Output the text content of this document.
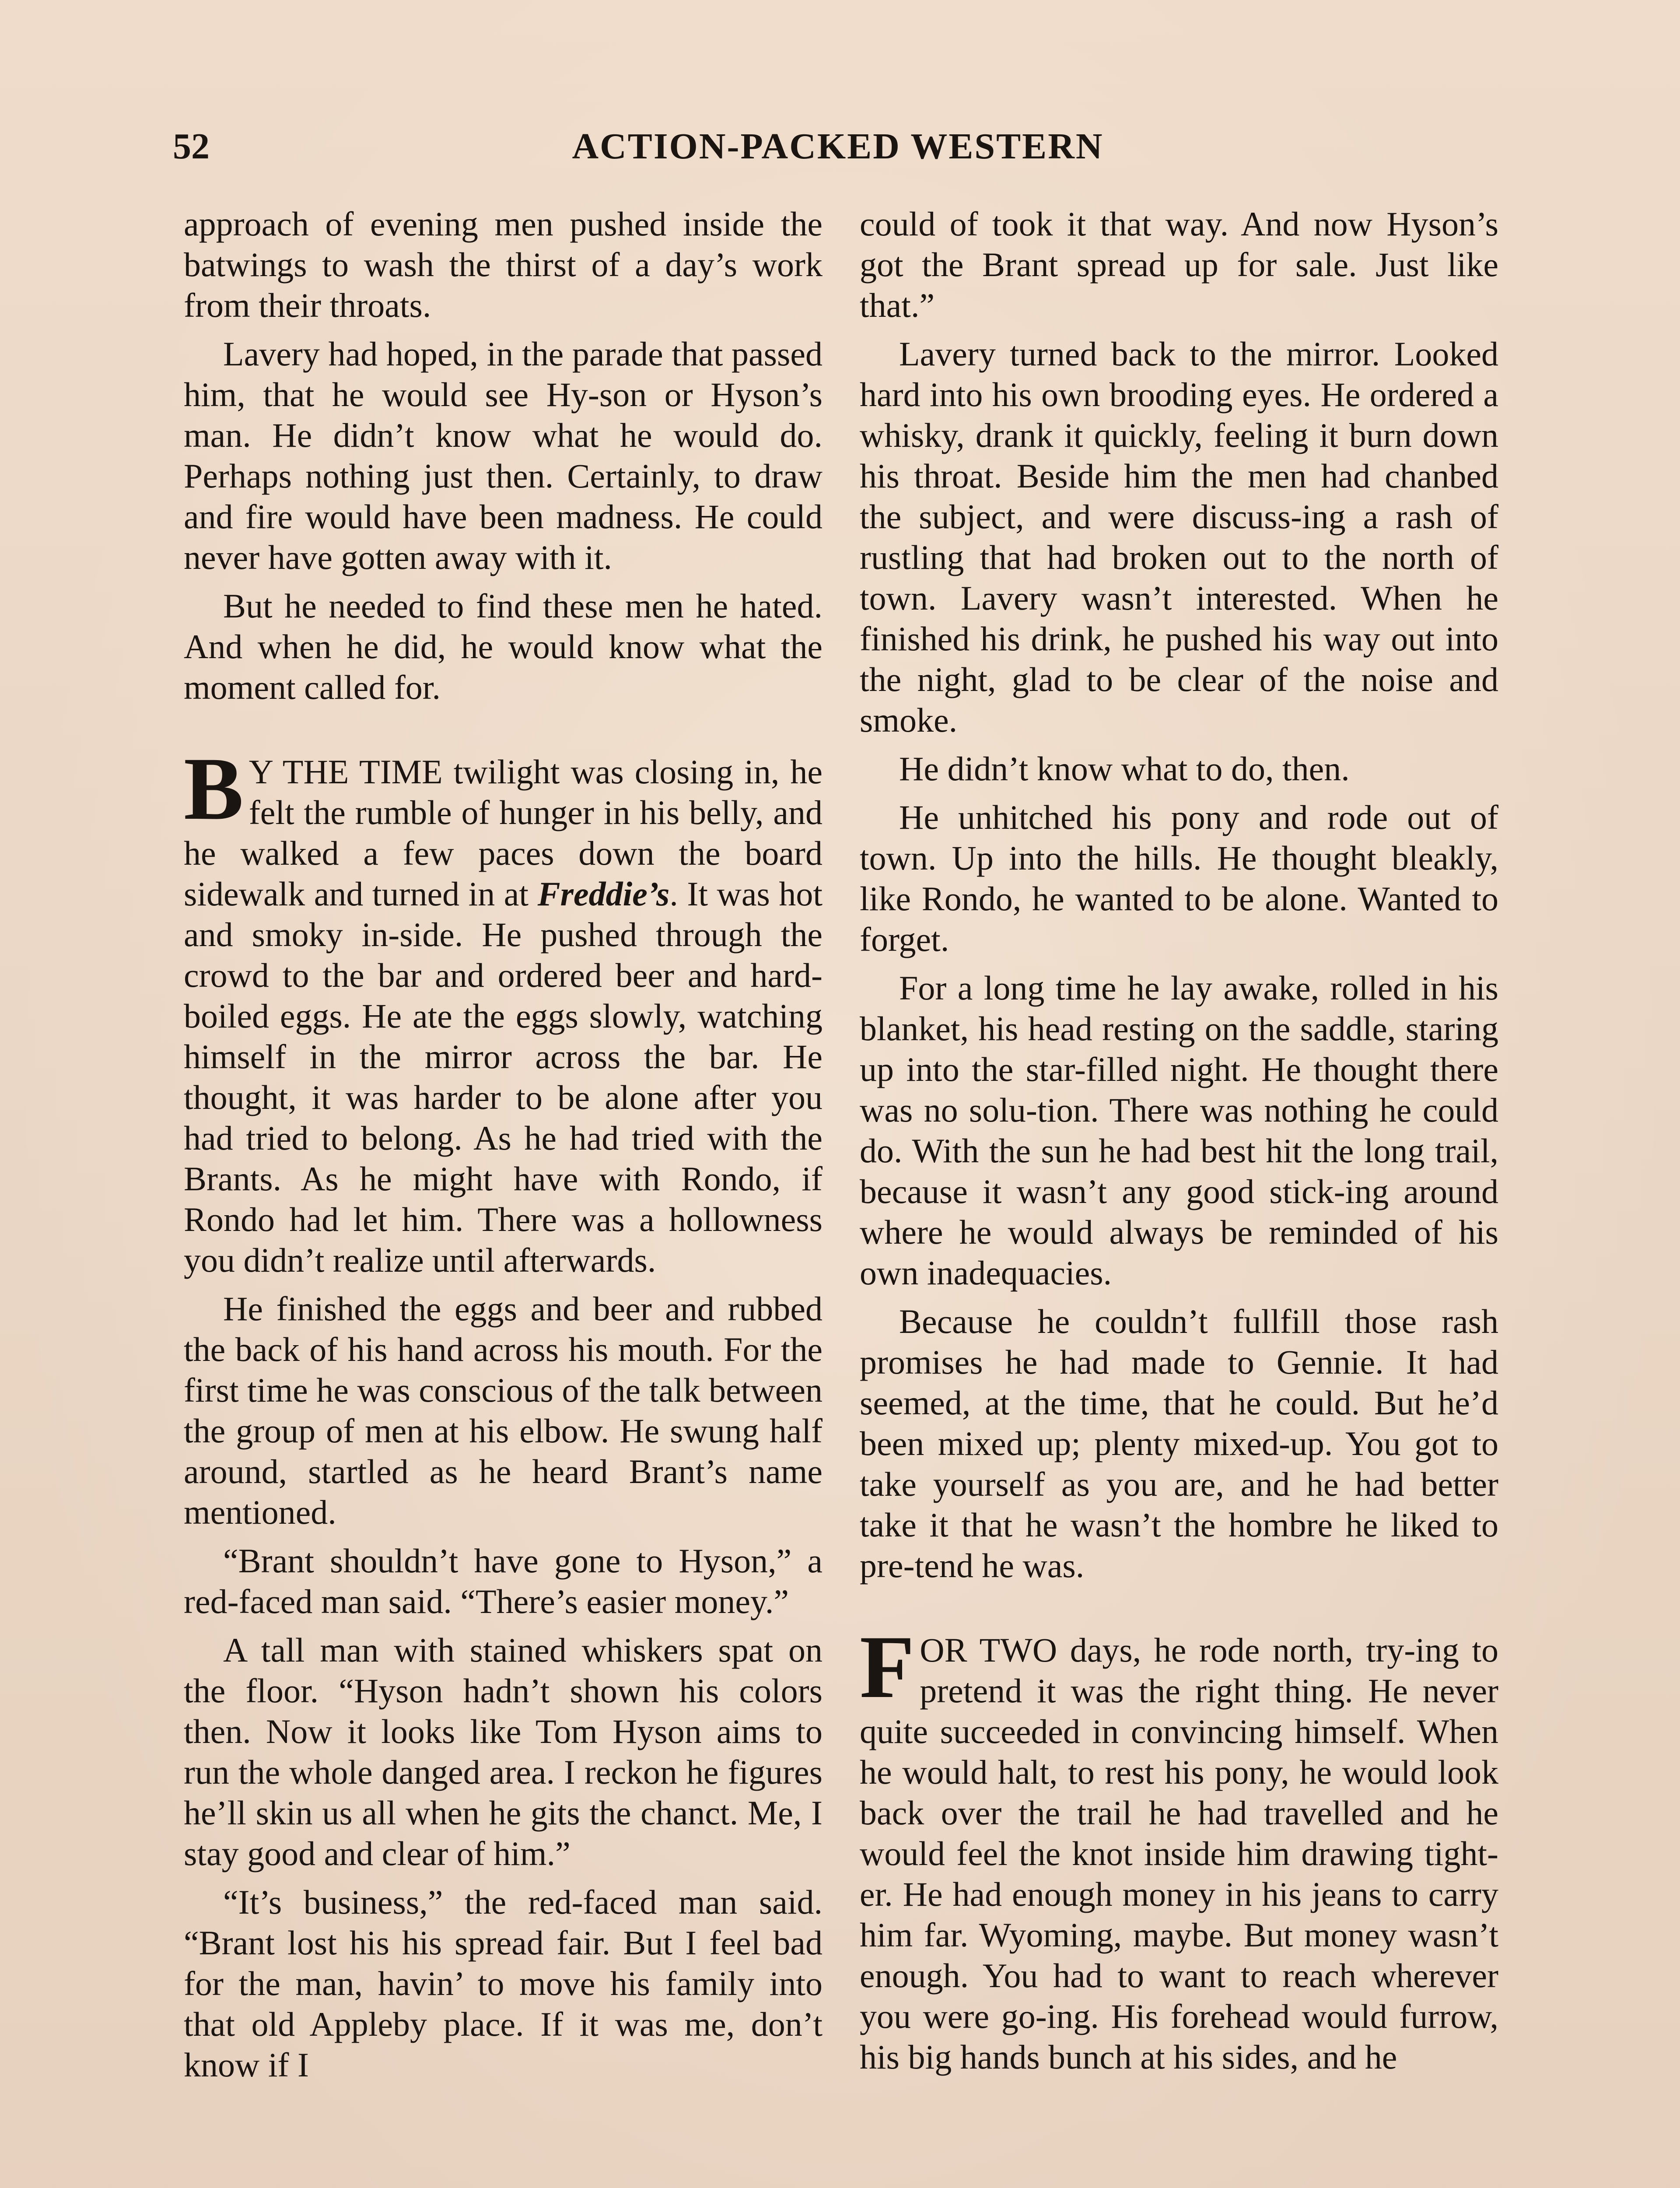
52	ACTION-PACKED WESTERN

approach of evening men pushed inside the batwings to wash the thirst of a day’s work from their throats.

Lavery had hoped, in the parade that passed him, that he would see Hy-son or Hyson’s man. He didn’t know what he would do. Perhaps nothing just then. Certainly, to draw and fire would have been madness. He could never have gotten away with it.

But he needed to find these men he hated. And when he did, he would know what the moment called for.

B Y THE TIME twilight was closing in, he felt the rumble of hunger in his belly, and he walked a few paces down the board sidewalk and turned in at Freddie’s. It was hot and smoky in-side. He pushed through the crowd to the bar and ordered beer and hard-boiled eggs. He ate the eggs slowly, watching himself in the mirror across the bar. He thought, it was harder to be alone after you had tried to belong. As he had tried with the Brants. As he might have with Rondo, if Rondo had let him. There was a hollowness you didn’t realize until afterwards.

He finished the eggs and beer and rubbed the back of his hand across his mouth. For the first time he was conscious of the talk between the group of men at his elbow. He swung half around, startled as he heard Brant’s name mentioned.

“Brant shouldn’t have gone to Hyson,” a red-faced man said. “There’s easier money.”

A tall man with stained whiskers spat on the floor. “Hyson hadn’t shown his colors then. Now it looks like Tom Hyson aims to run the whole danged area. I reckon he figures he’ll skin us all when he gits the chanct. Me, I stay good and clear of him.”

“It’s business,” the red-faced man said. “Brant lost his his spread fair. But I feel bad for the man, havin’ to move his family into that old Appleby place. If it was me, don’t know if I

could of took it that way. And now Hyson’s got the Brant spread up for sale. Just like that.”

Lavery turned back to the mirror. Looked hard into his own brooding eyes. He ordered a whisky, drank it quickly, feeling it burn down his throat. Beside him the men had chanbed the subject, and were discuss-ing a rash of rustling that had broken out to the north of town. Lavery wasn’t interested. When he finished his drink, he pushed his way out into the night, glad to be clear of the noise and smoke.

He didn’t know what to do, then.

He unhitched his pony and rode out of town. Up into the hills. He thought bleakly, like Rondo, he wanted to be alone. Wanted to forget.

For a long time he lay awake, rolled in his blanket, his head resting on the saddle, staring up into the star-filled night. He thought there was no solu-tion. There was nothing he could do. With the sun he had best hit the long trail, because it wasn’t any good stick-ing around where he would always be reminded of his own inadequacies.

Because he couldn’t fullfill those rash promises he had made to Gennie. It had seemed, at the time, that he could. But he’d been mixed up; plenty mixed-up. You got to take yourself as you are, and he had better take it that he wasn’t the hombre he liked to pre-tend he was.

FOR TWO days, he rode north, try-ing to pretend it was the right thing. He never quite succeeded in convincing himself. When he would halt, to rest his pony, he would look back over the trail he had travelled and he would feel the knot inside him drawing tight-er. He had enough money in his jeans to carry him far. Wyoming, maybe. But money wasn’t enough. You had to want to reach wherever you were go-ing. His forehead would furrow, his big hands bunch at his sides, and he
